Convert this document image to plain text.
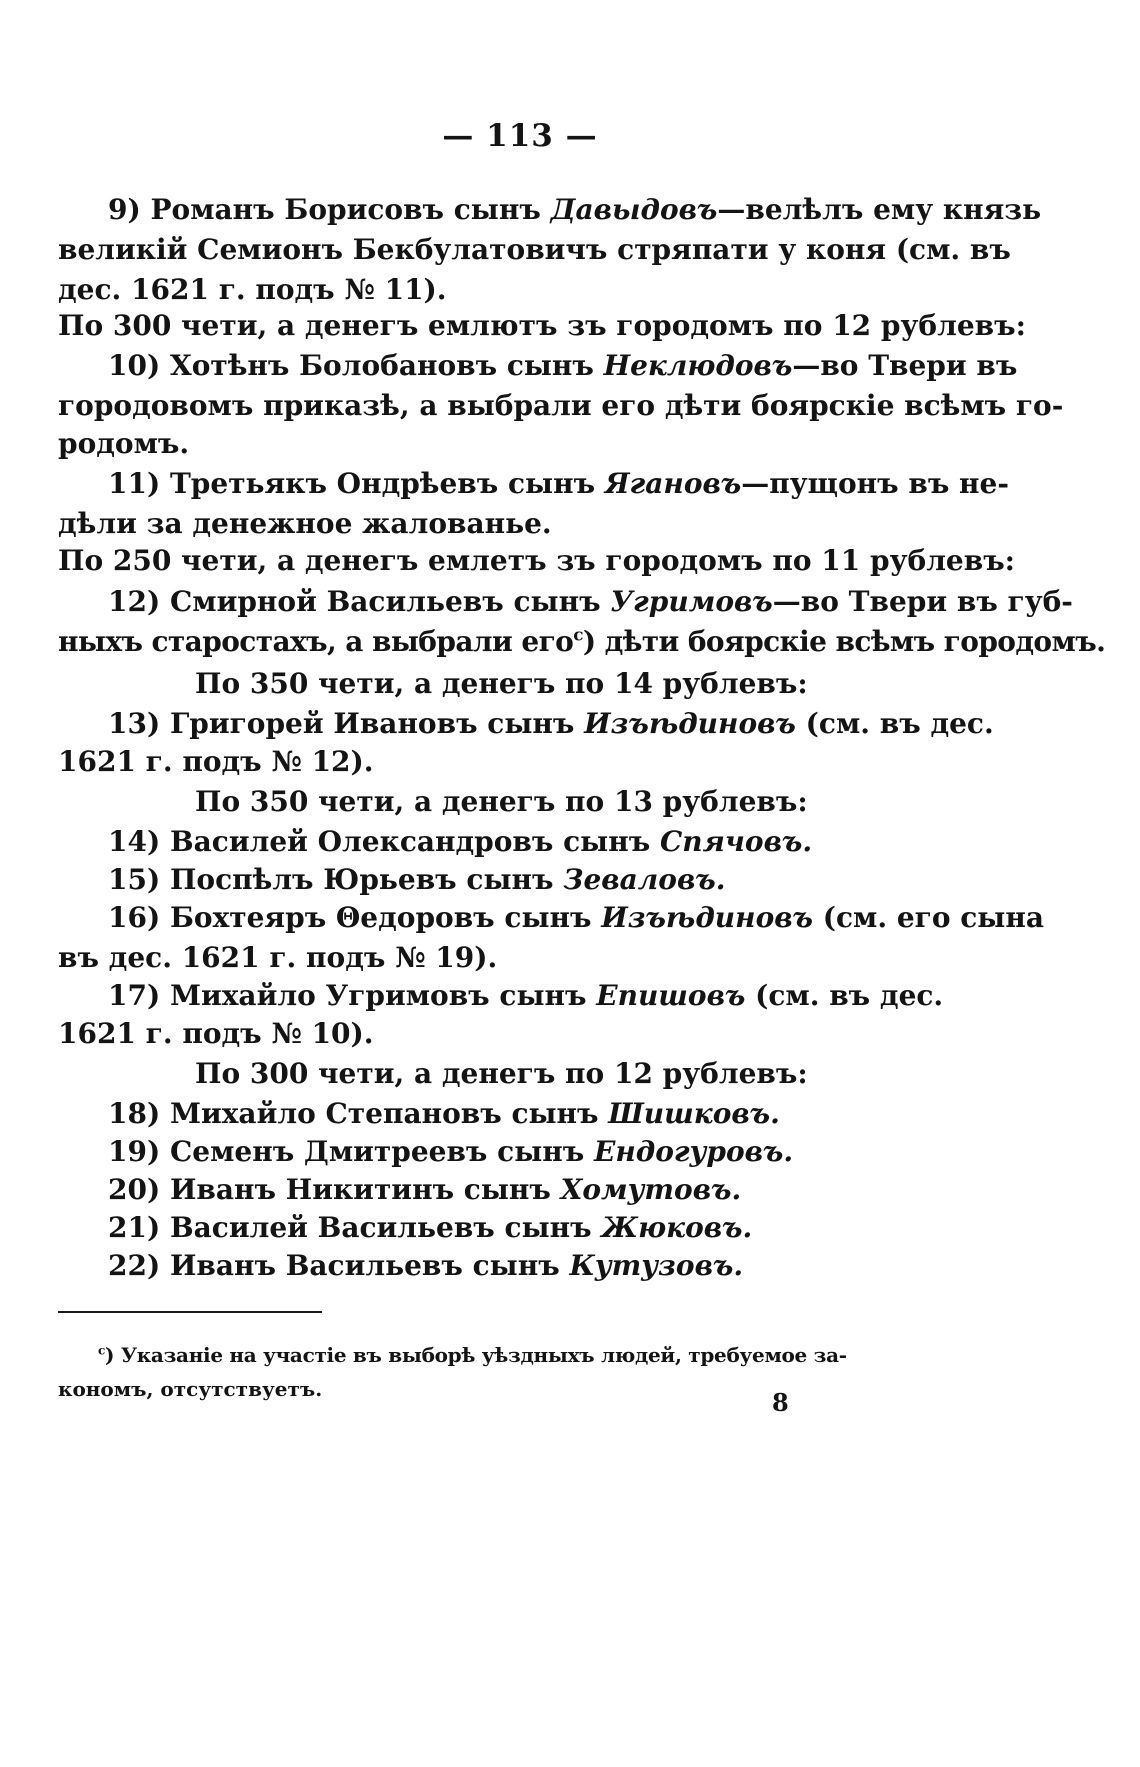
— 113 —
9) Романъ Борисовъ сынъ Давыдовъ—велѣлъ ему князь
великій Семионъ Бекбулатовичъ стряпати у коня (см. въ
дес. 1621 г. подъ № 11).
По 300 чети, а денегъ емлютъ зъ городомъ по 12 рублевъ:
10) Хотѣнъ Болобановъ сынъ Неклюдовъ—во Твери въ
городовомъ приказѣ, а выбрали его дѣти боярскіе всѣмъ го-
родомъ.
11) Третьякъ Ондрѣевъ сынъ Ягановъ—пущонъ въ не-
дѣли за денежное жалованье.
По 250 чети, а денегъ емлетъ зъ городомъ по 11 рублевъ:
12) Смирной Васильевъ сынъ Угримовъ—во Твери въ губ-
ныхъ старостахъ, а выбрали его$^с$) дѣти боярскіе всѣмъ городомъ.
По 350 чети, а денегъ по 14 рублевъ:
13) Григорей Ивановъ сынъ Изъѣдиновъ (см. въ дес.
1621 г. подъ № 12).
По 350 чети, а денегъ по 13 рублевъ:
14) Василей Олександровъ сынъ Спячовъ.
15) Поспѣлъ Юрьевъ сынъ Зеваловъ.
16) Бохтеяръ Θедоровъ сынъ Изъѣдиновъ (см. его сына
въ дес. 1621 г. подъ № 19).
17) Михайло Угримовъ сынъ Епишовъ (см. въ дес.
1621 г. подъ № 10).
По 300 чети, а денегъ по 12 рублевъ:
18) Михайло Степановъ сынъ Шишковъ.
19) Семенъ Дмитреевъ сынъ Ендогуровъ.
20) Иванъ Никитинъ сынъ Хомутовъ.
21) Василей Васильевъ сынъ Жюковъ.
22) Иванъ Васильевъ сынъ Кутузовъ.
$^с$) Указаніе на участіе въ выборѣ уѣздныхъ людей, требуемое за-
кономъ, отсутствуетъ.	8
